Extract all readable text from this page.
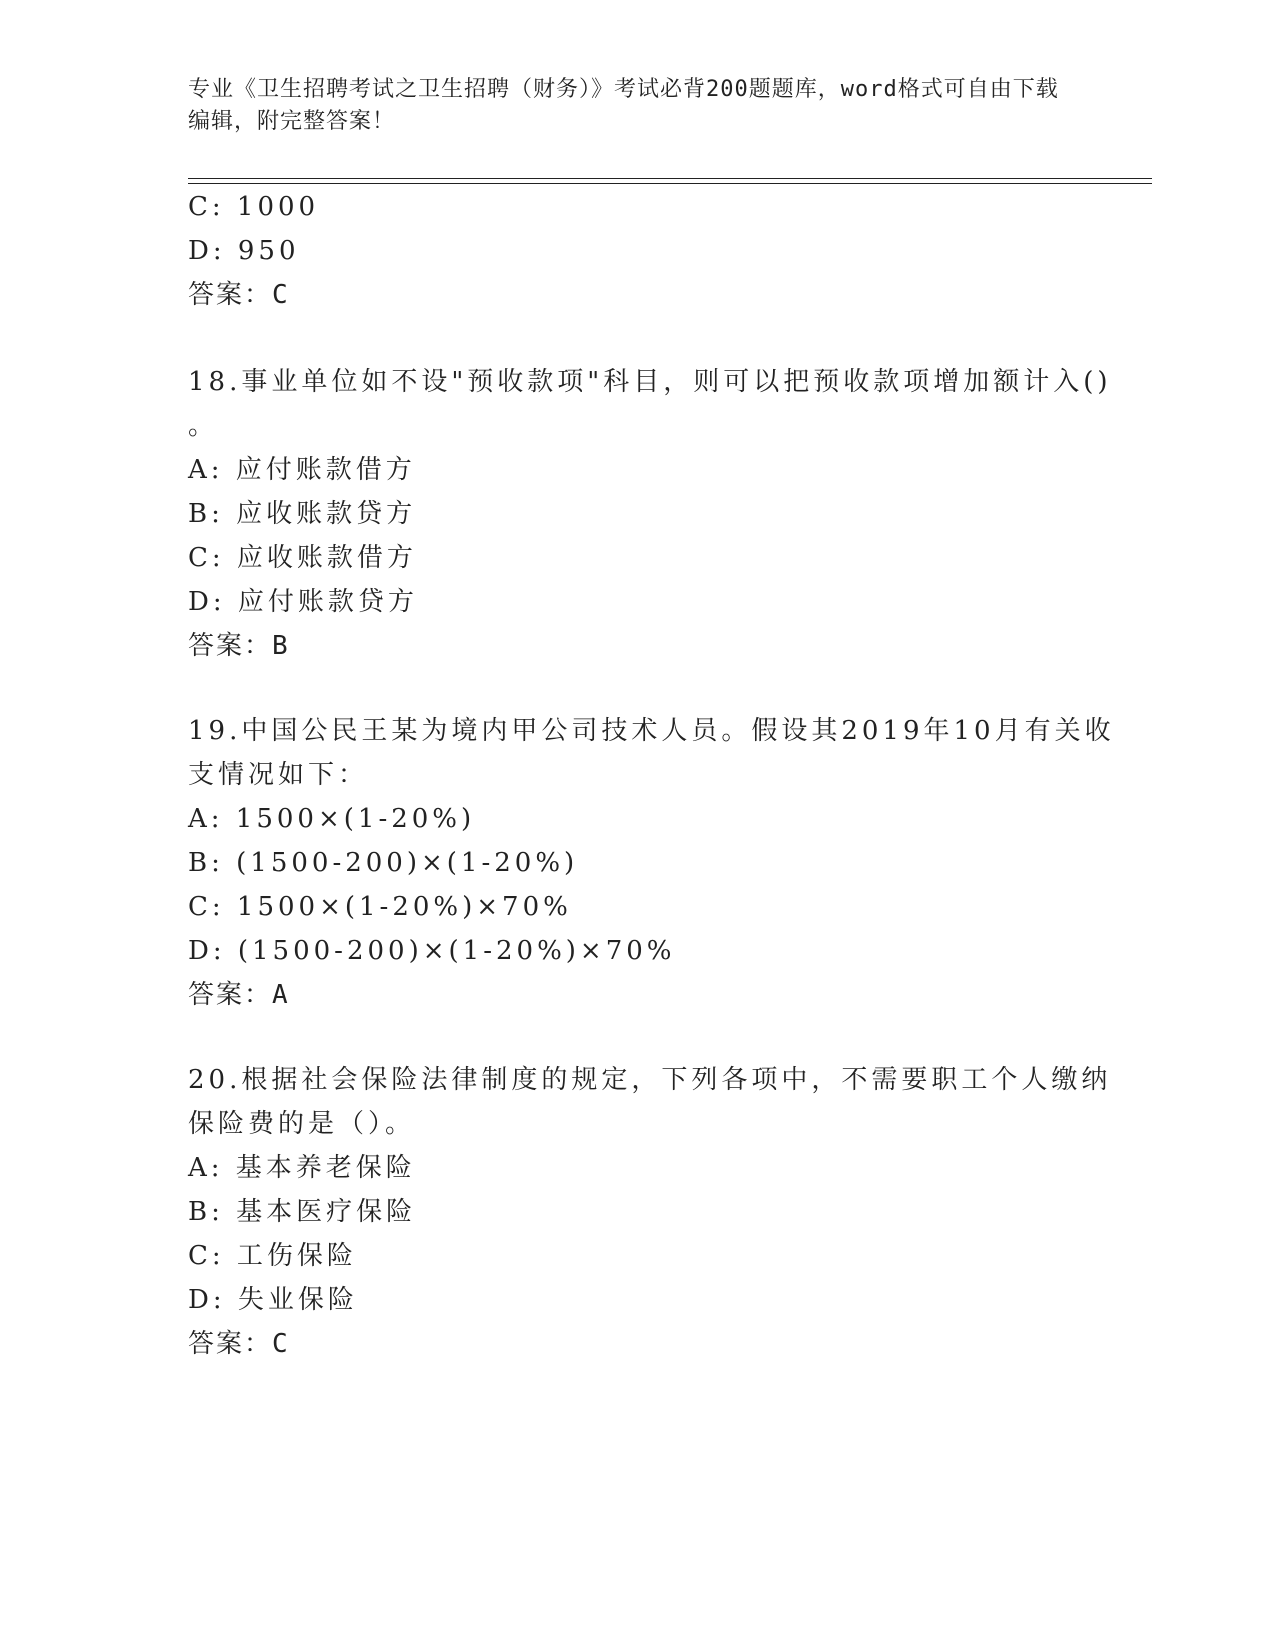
专业《卫生招聘考试之卫生招聘（财务）》考试必背200题题库，word格式可自由下载编辑，附完整答案！
C: 1000
D: 950
答案：C
18.事业单位如不设"预收款项"科目，则可以把预收款项增加额计入()
。
A: 应付账款借方
B: 应收账款贷方
C: 应收账款借方
D: 应付账款贷方
答案：B
19.中国公民王某为境内甲公司技术人员。假设其2019年10月有关收
支情况如下：
A: 1500×(1-20%)
B: (1500-200)×(1-20%)
C: 1500×(1-20%)×70%
D: (1500-200)×(1-20%)×70%
答案：A
20.根据社会保险法律制度的规定，下列各项中，不需要职工个人缴纳
保险费的是（）。
A: 基本养老保险
B: 基本医疗保险
C: 工伤保险
D: 失业保险
答案：C
